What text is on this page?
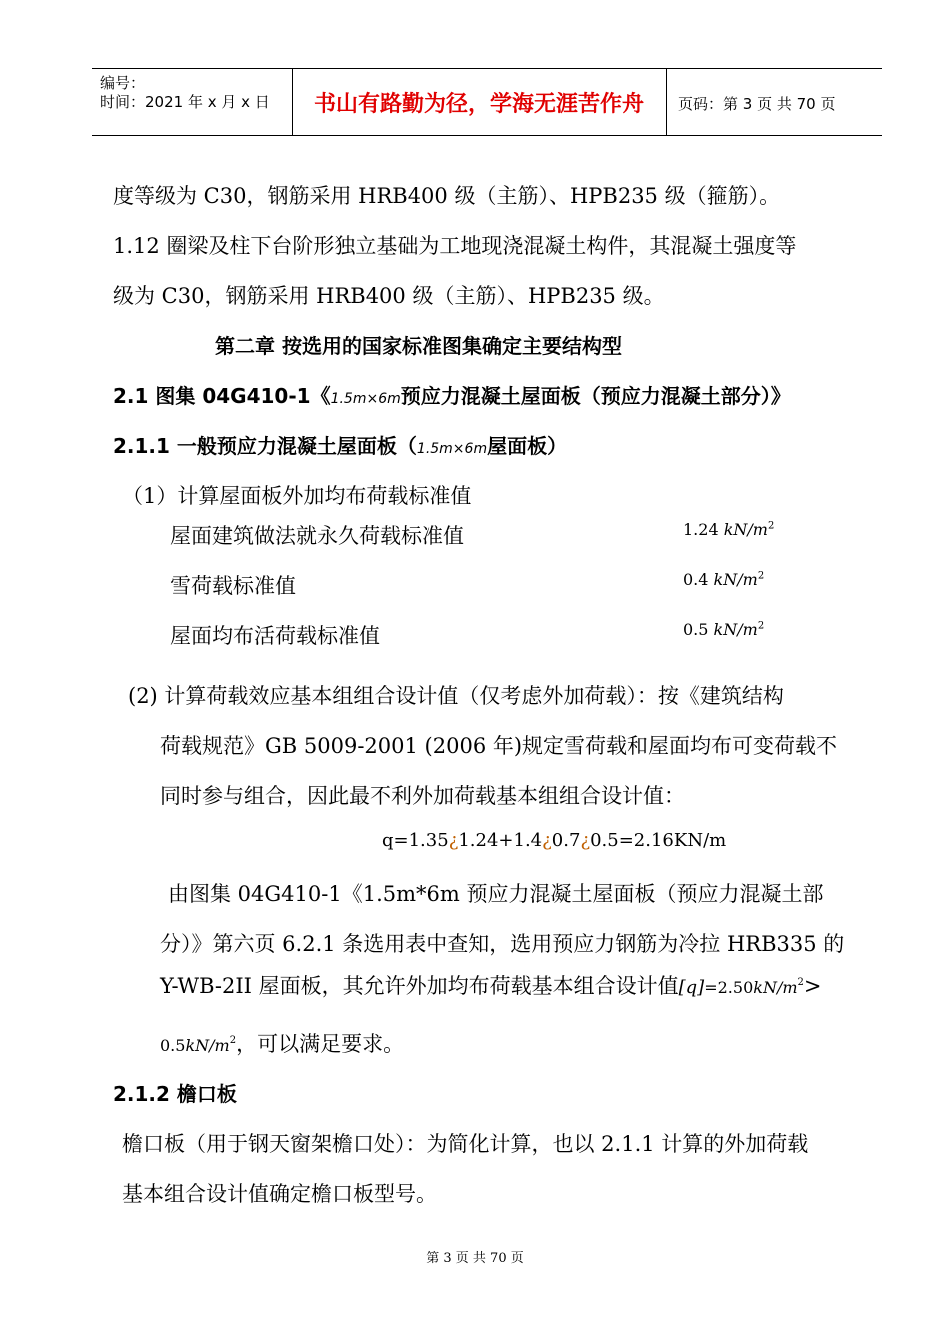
编号：
时间：2021 年 x 月 x 日	书山有路勤为径，学海无涯苦作舟	页码：第 3 页 共 70 页
度等级为 C30，钢筋采用 HRB400 级（主筋）、HPB235 级（箍筋）。
1.12 圈梁及柱下台阶形独立基础为工地现浇混凝土构件，其混凝土强度等
级为 C30，钢筋采用 HRB400 级（主筋）、HPB235 级。
第二章 按选用的国家标准图集确定主要结构型
2.1 图集 04G410-1《1.5m×6m预应力混凝土屋面板（预应力混凝土部分）》
2.1.1 一般预应力混凝土屋面板（1.5m×6m屋面板）
（1）计算屋面板外加均布荷载标准值
屋面建筑做法就永久荷载标准值	1.24 $kN/m^2$
雪荷载标准值	0.4 $kN/m^2$
屋面均布活荷载标准值	0.5 $kN/m^2$
(2) 计算荷载效应基本组组合设计值（仅考虑外加荷载）：按《建筑结构
荷载规范》GB 5009-2001 (2006 年)规定雪荷载和屋面均布可变荷载不
同时参与组合，因此最不利外加荷载基本组组合设计值：
q=1.35¿1.24+1.4¿0.7¿0.5=2.16KN/m
由图集 04G410-1《1.5m*6m 预应力混凝土屋面板（预应力混凝土部
分）》第六页 6.2.1 条选用表中查知，选用预应力钢筋为冷拉 HRB335 的
Y-WB-2II 屋面板，其允许外加均布荷载基本组合设计值$[q]=2.50kN/m^2>$
$0.5kN/m^2$，可以满足要求。
2.1.2 檐口板
檐口板（用于钢天窗架檐口处）：为简化计算，也以 2.1.1 计算的外加荷载
基本组合设计值确定檐口板型号。
第 3 页 共 70 页
